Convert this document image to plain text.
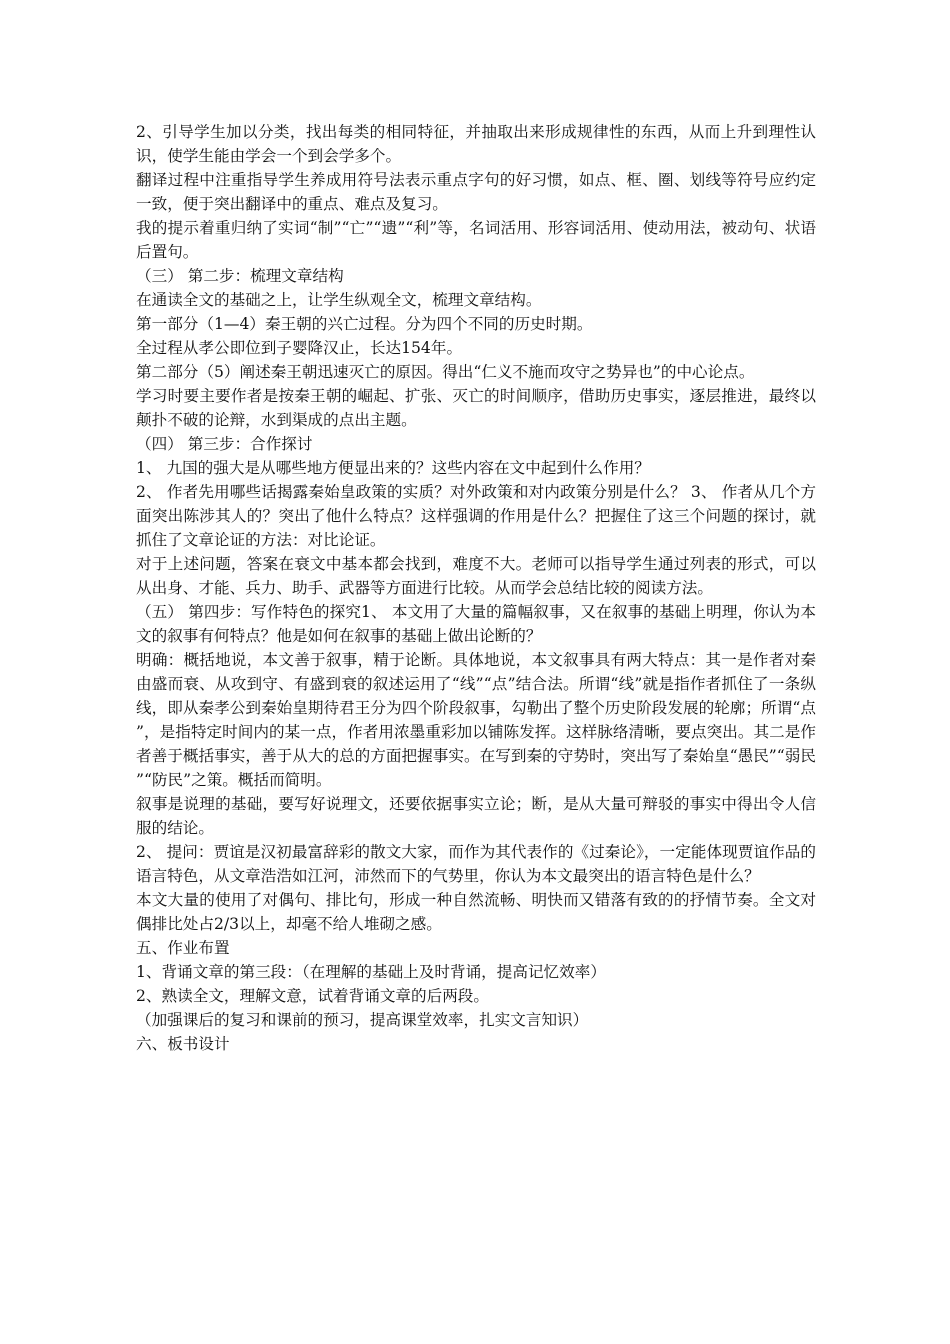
2、引导学生加以分类，找出每类的相同特征，并抽取出来形成规律性的东西，从而上升到理性认识，使学生能由学会一个到会学多个。

翻译过程中注重指导学生养成用符号法表示重点字句的好习惯，如点、框、圈、划线等符号应约定一致，便于突出翻译中的重点、难点及复习。

我的提示着重归纳了实词“制”“亡”“遗”“利”等，名词活用、形容词活用、使动用法，被动句、状语后置句。

（三） 第二步：梳理文章结构

在通读全文的基础之上，让学生纵观全文，梳理文章结构。

第一部分（1—4）秦王朝的兴亡过程。分为四个不同的历史时期。

全过程从孝公即位到子婴降汉止，长达154年。

第二部分（5）阐述秦王朝迅速灭亡的原因。得出“仁义不施而攻守之势异也”的中心论点。

学习时要主要作者是按秦王朝的崛起、扩张、灭亡的时间顺序，借助历史事实，逐层推进，最终以颠扑不破的论辩，水到渠成的点出主题。

（四） 第三步：合作探讨

1、 九国的强大是从哪些地方便显出来的？这些内容在文中起到什么作用？

2、 作者先用哪些话揭露秦始皇政策的实质？对外政策和对内政策分别是什么？ 3、 作者从几个方面突出陈涉其人的？突出了他什么特点？这样强调的作用是什么？把握住了这三个问题的探讨，就抓住了文章论证的方法：对比论证。

对于上述问题，答案在衰文中基本都会找到，难度不大。老师可以指导学生通过列表的形式，可以从出身、才能、兵力、助手、武器等方面进行比较。从而学会总结比较的阅读方法。

（五） 第四步：写作特色的探究1、 本文用了大量的篇幅叙事，又在叙事的基础上明理，你认为本文的叙事有何特点？他是如何在叙事的基础上做出论断的？

明确：概括地说，本文善于叙事，精于论断。具体地说，本文叙事具有两大特点：其一是作者对秦由盛而衰、从攻到守、有盛到衰的叙述运用了“线”“点”结合法。所谓“线”就是指作者抓住了一条纵线，即从秦孝公到秦始皇期待君王分为四个阶段叙事，勾勒出了整个历史阶段发展的轮廓；所谓“点”，是指特定时间内的某一点，作者用浓墨重彩加以铺陈发挥。这样脉络清晰，要点突出。其二是作者善于概括事实，善于从大的总的方面把握事实。在写到秦的守势时，突出写了秦始皇“愚民”“弱民”“防民”之策。概括而简明。

叙事是说理的基础，要写好说理文，还要依据事实立论；断，是从大量可辩驳的事实中得出令人信服的结论。

2、 提问：贾谊是汉初最富辞彩的散文大家，而作为其代表作的《过秦论》，一定能体现贾谊作品的语言特色，从文章浩浩如江河，沛然而下的气势里，你认为本文最突出的语言特色是什么？

本文大量的使用了对偶句、排比句，形成一种自然流畅、明快而又错落有致的的抒情节奏。全文对偶排比处占2/3以上，却毫不给人堆砌之感。

五、作业布置

1、背诵文章的第三段：（在理解的基础上及时背诵，提高记忆效率）

2、熟读全文，理解文意，试着背诵文章的后两段。

（加强课后的复习和课前的预习，提高课堂效率，扎实文言知识）

六、板书设计
